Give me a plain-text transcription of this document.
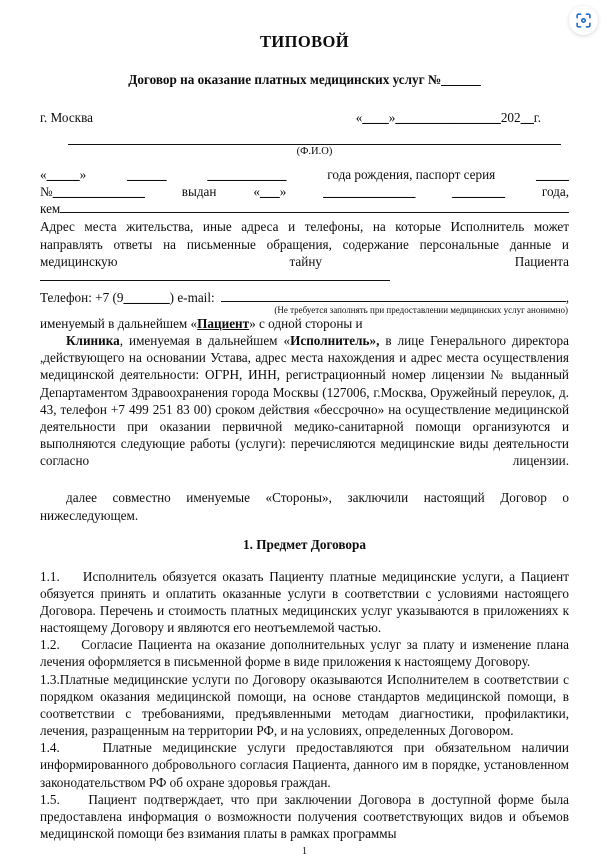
ТИПОВОЙ
Договор на оказание платных медицинских услуг №______
г. Москва	«____»________________202__г.
(Ф.И.О)
« _____ »	______	____________	года рождения, паспорт серия	_____
№ ______________	выдан	« ___ »	______________	________	года,
кем

Адрес места жительства, иные адреса и телефоны, на которые Исполнитель может направлять ответы на письменные обращения, содержание персональные данные и медицинскую                                 тайну                                     Пациента

Телефон: +7 (9 _______ ) e-mail:	,
(Не требуется заполнять при предоставлении медицинских услуг анонимно)
именуемый в дальнейшем «Пациент» с одной стороны и

Клиника, именуемая в дальнейшем «Исполнитель», в лице Генерального директора ,действующего на основании Устава, адрес места нахождения и адрес места осуществления медицинской деятельности: ОГРН, ИНН, регистрационный номер лицензии № выданный Департаментом Здравоохранения города Москвы (127006, г.Москва, Оружейный переулок, д. 43, телефон +7 499 251 83 00) сроком действия «бессрочно» на осуществление медицинской деятельности при оказании первичной медико-санитарной помощи организуются и выполняются следующие работы (услуги): перечисляются медицинские виды деятельности согласно лицензии.

далее совместно именуемые «Стороны», заключили настоящий Договор о нижеследующем.

1. Предмет Договора

1.1. Исполнитель обязуется оказать Пациенту платные медицинские услуги, а Пациент обязуется принять и оплатить оказанные услуги в соответствии с условиями настоящего Договора. Перечень и стоимость платных медицинских услуг указываются в приложениях к настоящему Договору и являются его неотъемлемой частью.

1.2. Согласие Пациента на оказание дополнительных услуг за плату и изменение плана лечения оформляется в письменной форме в виде приложения к настоящему Договору.

1.3.Платные медицинские услуги по Договору оказываются Исполнителем в соответствии с порядком оказания медицинской помощи, на основе стандартов медицинской помощи, в соответствии с требованиями, предъявленными методам диагностики, профилактики, лечения, разращенным на территории РФ, и на условиях, определенных Договором.

1.4.	Платные медицинские услуги предоставляются при обязательном наличии информированного добровольного согласия Пациента, данного им в порядке, установленном законодательством РФ об охране здоровья граждан.

1.5. Пациент подтверждает, что при заключении Договора в доступной форме была предоставлена информация о возможности получения соответствующих видов и объемов медицинской помощи без взимания платы в рамках программы

1
